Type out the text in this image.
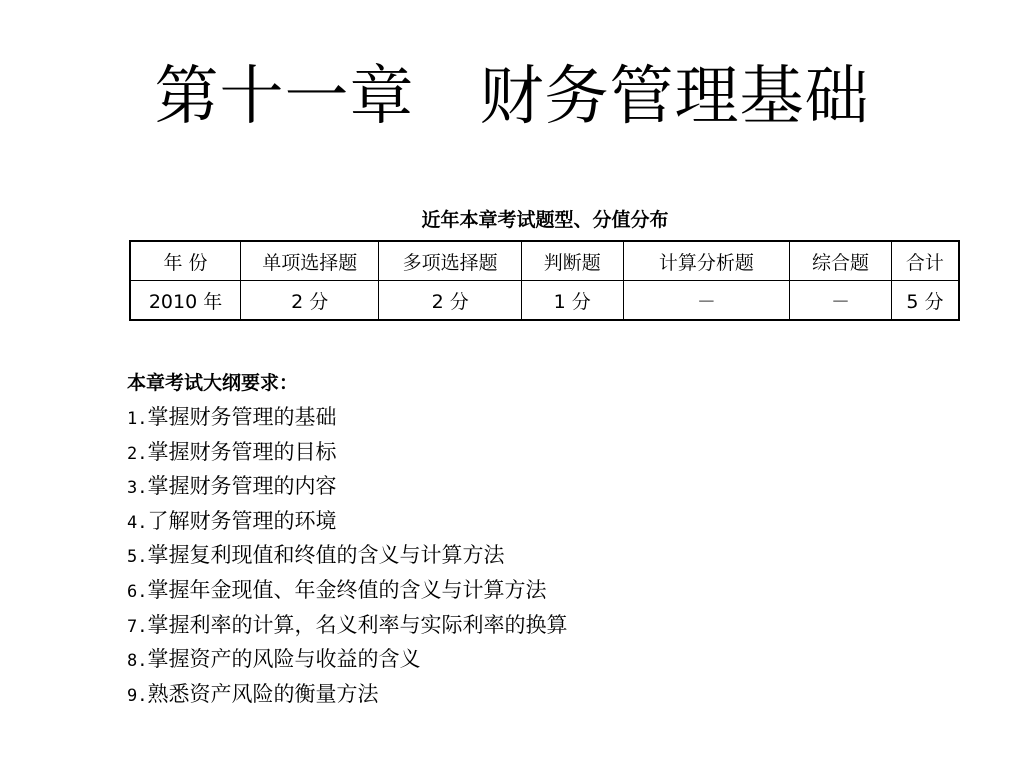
第十一章　财务管理基础
近年本章考试题型、分值分布
年 份	单项选择题	多项选择题	判断题	计算分析题	综合题	合计
2010 年	2 分	2 分	1 分	－	－	5 分
本章考试大纲要求：
1.掌握财务管理的基础
2.掌握财务管理的目标
3.掌握财务管理的内容
4.了解财务管理的环境
5.掌握复利现值和终值的含义与计算方法
6.掌握年金现值、年金终值的含义与计算方法
7.掌握利率的计算，名义利率与实际利率的换算
8.掌握资产的风险与收益的含义
9.熟悉资产风险的衡量方法
